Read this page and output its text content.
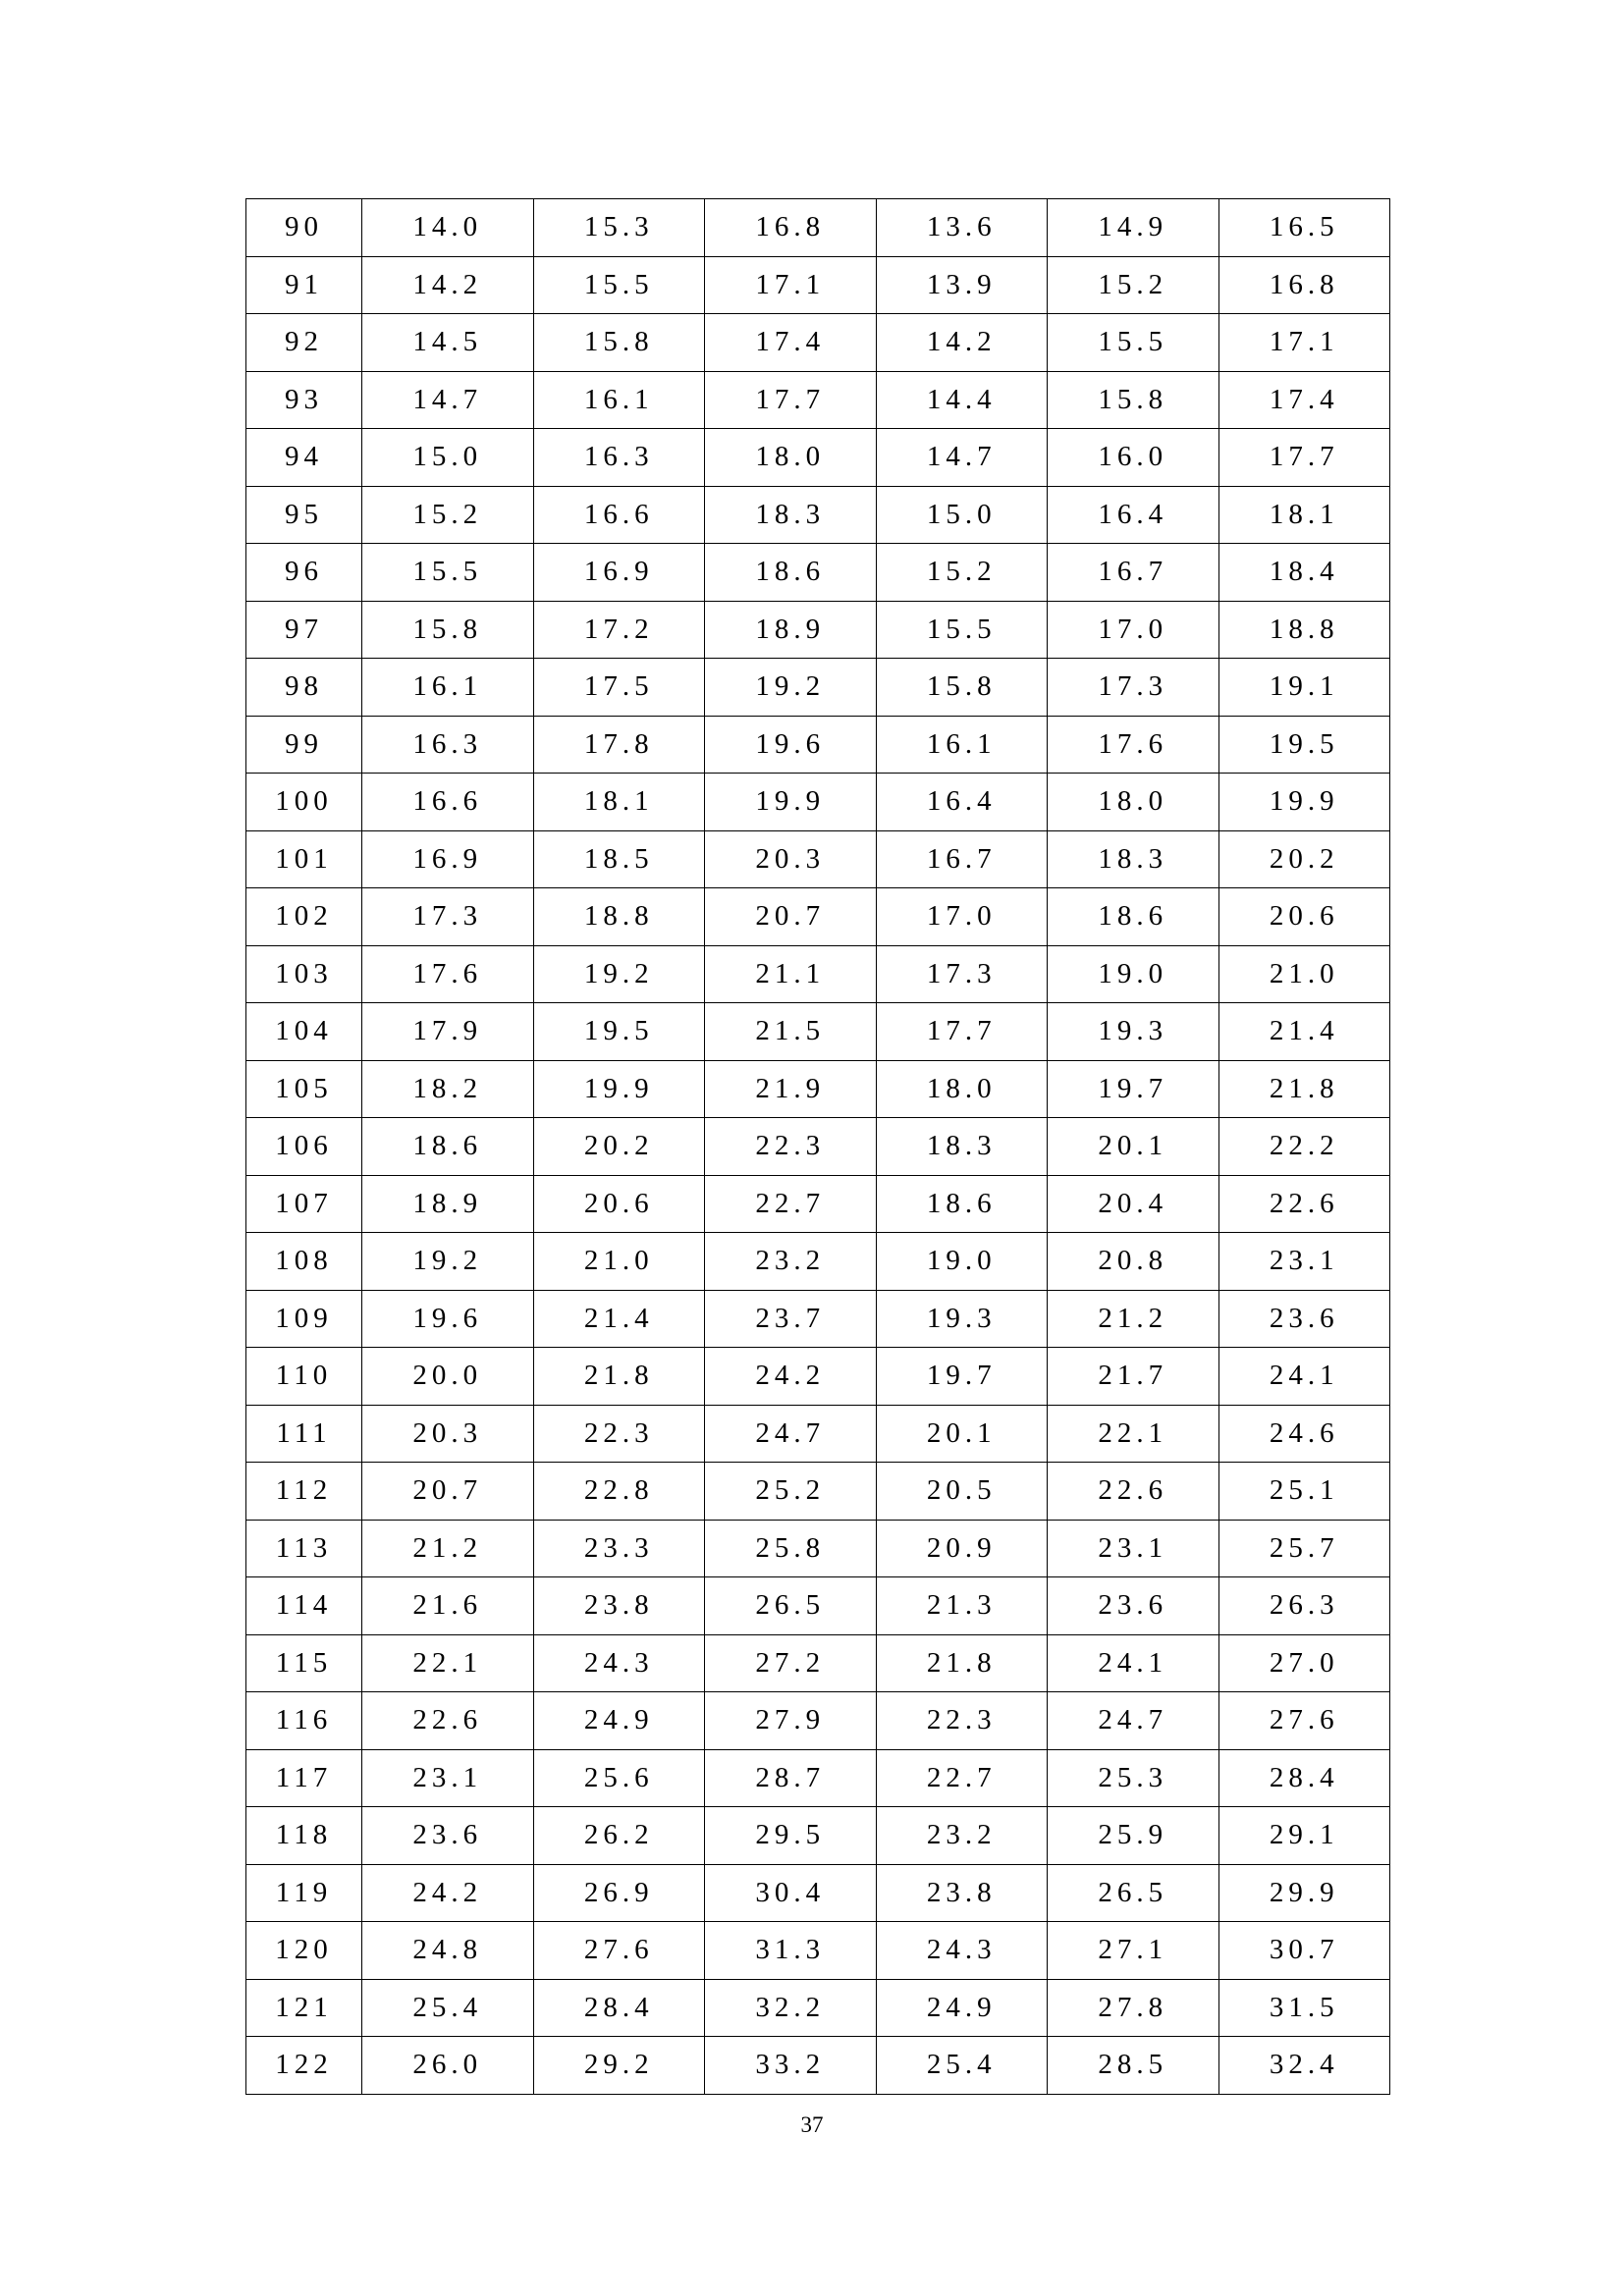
90	14.0	15.3	16.8	13.6	14.9	16.5
91	14.2	15.5	17.1	13.9	15.2	16.8
92	14.5	15.8	17.4	14.2	15.5	17.1
93	14.7	16.1	17.7	14.4	15.8	17.4
94	15.0	16.3	18.0	14.7	16.0	17.7
95	15.2	16.6	18.3	15.0	16.4	18.1
96	15.5	16.9	18.6	15.2	16.7	18.4
97	15.8	17.2	18.9	15.5	17.0	18.8
98	16.1	17.5	19.2	15.8	17.3	19.1
99	16.3	17.8	19.6	16.1	17.6	19.5
100	16.6	18.1	19.9	16.4	18.0	19.9
101	16.9	18.5	20.3	16.7	18.3	20.2
102	17.3	18.8	20.7	17.0	18.6	20.6
103	17.6	19.2	21.1	17.3	19.0	21.0
104	17.9	19.5	21.5	17.7	19.3	21.4
105	18.2	19.9	21.9	18.0	19.7	21.8
106	18.6	20.2	22.3	18.3	20.1	22.2
107	18.9	20.6	22.7	18.6	20.4	22.6
108	19.2	21.0	23.2	19.0	20.8	23.1
109	19.6	21.4	23.7	19.3	21.2	23.6
110	20.0	21.8	24.2	19.7	21.7	24.1
111	20.3	22.3	24.7	20.1	22.1	24.6
112	20.7	22.8	25.2	20.5	22.6	25.1
113	21.2	23.3	25.8	20.9	23.1	25.7
114	21.6	23.8	26.5	21.3	23.6	26.3
115	22.1	24.3	27.2	21.8	24.1	27.0
116	22.6	24.9	27.9	22.3	24.7	27.6
117	23.1	25.6	28.7	22.7	25.3	28.4
118	23.6	26.2	29.5	23.2	25.9	29.1
119	24.2	26.9	30.4	23.8	26.5	29.9
120	24.8	27.6	31.3	24.3	27.1	30.7
121	25.4	28.4	32.2	24.9	27.8	31.5
122	26.0	29.2	33.2	25.4	28.5	32.4
37
